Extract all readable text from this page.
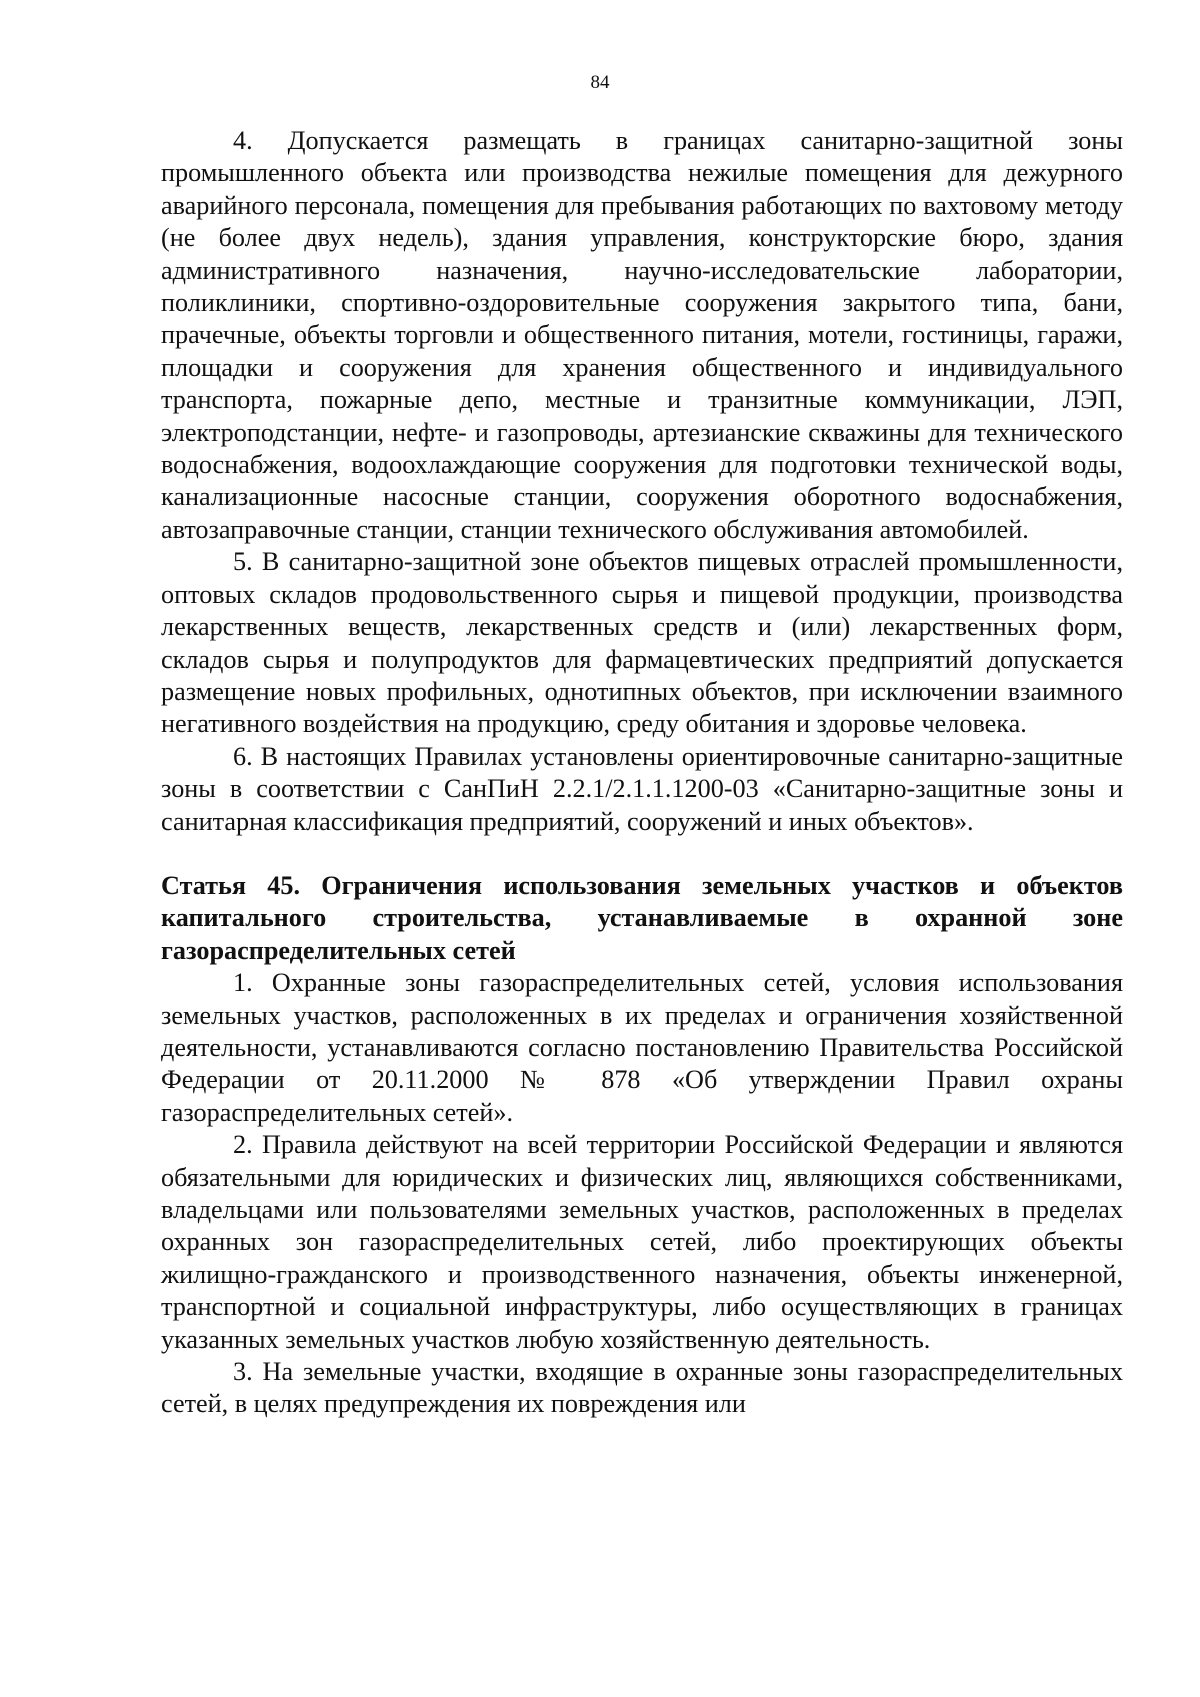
84

4. Допускается размещать в границах санитарно-защитной зоны промышленного объекта или производства нежилые помещения для дежурного аварийного персонала, помещения для пребывания работающих по вахтовому методу (не более двух недель), здания управления, конструкторские бюро, здания административного назначения, научно-исследовательские лаборатории, поликлиники, спортивно-оздоровительные сооружения закрытого типа, бани, прачечные, объекты торговли и общественного питания, мотели, гостиницы, гаражи, площадки и сооружения для хранения общественного и индивидуального транспорта, пожарные депо, местные и транзитные коммуникации, ЛЭП, электроподстанции, нефте- и газопроводы, артезианские скважины для технического водоснабжения, водоохлаждающие сооружения для подготовки технической воды, канализационные насосные станции, сооружения оборотного водоснабжения, автозаправочные станции, станции технического обслуживания автомобилей.

5. В санитарно-защитной зоне объектов пищевых отраслей промышленности, оптовых складов продовольственного сырья и пищевой продукции, производства лекарственных веществ, лекарственных средств и (или) лекарственных форм, складов сырья и полупродуктов для фармацевтических предприятий допускается размещение новых профильных, однотипных объектов, при исключении взаимного негативного воздействия на продукцию, среду обитания и здоровье человека.

6. В настоящих Правилах установлены ориентировочные санитарно-защитные зоны в соответствии с СанПиН 2.2.1/2.1.1.1200-03 «Санитарно-защитные зоны и санитарная классификация предприятий, сооружений и иных объектов».

Статья 45. Ограничения использования земельных участков и объектов капитального строительства, устанавливаемые в охранной зоне газораспределительных сетей

1. Охранные зоны газораспределительных сетей, условия использования земельных участков, расположенных в их пределах и ограничения хозяйственной деятельности, устанавливаются согласно постановлению Правительства Российской Федерации от 20.11.2000 № 878 «Об утверждении Правил охраны газораспределительных сетей».

2. Правила действуют на всей территории Российской Федерации и являются обязательными для юридических и физических лиц, являющихся собственниками, владельцами или пользователями земельных участков, расположенных в пределах охранных зон газораспределительных сетей, либо проектирующих объекты жилищно-гражданского и производственного назначения, объекты инженерной, транспортной и социальной инфраструктуры, либо осуществляющих в границах указанных земельных участков любую хозяйственную деятельность.

3. На земельные участки, входящие в охранные зоны газораспределительных сетей, в целях предупреждения их повреждения или
